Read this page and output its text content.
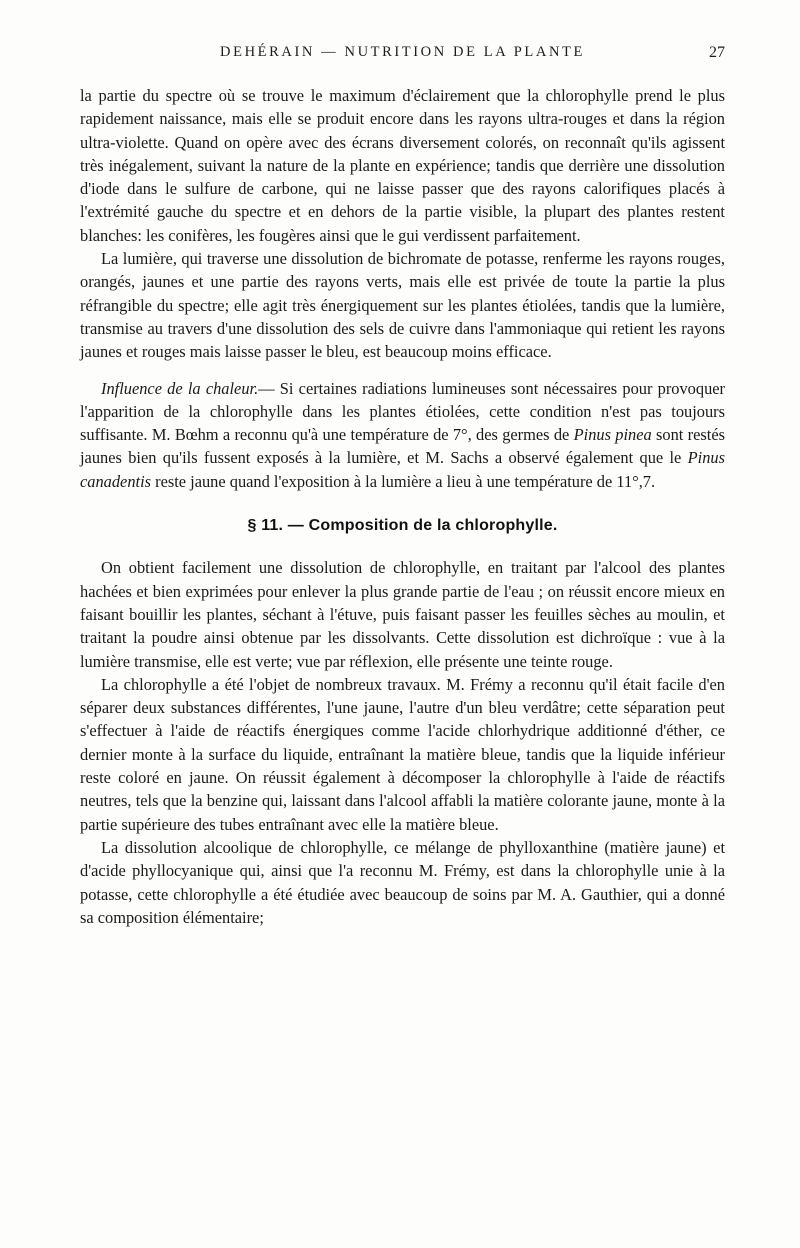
DEHÉRAIN — NUTRITION DE LA PLANTE	27

la partie du spectre où se trouve le maximum d'éclairement que la chlorophylle prend le plus rapidement naissance, mais elle se produit encore dans les rayons ultra-rouges et dans la région ultra-violette. Quand on opère avec des écrans diversement colorés, on reconnaît qu'ils agissent très inégalement, suivant la nature de la plante en expérience; tandis que derrière une dissolution d'iode dans le sulfure de carbone, qui ne laisse passer que des rayons calorifiques placés à l'extrémité gauche du spectre et en dehors de la partie visible, la plupart des plantes restent blanches: les conifères, les fougères ainsi que le gui verdissent parfaitement.

La lumière, qui traverse une dissolution de bichromate de potasse, renferme les rayons rouges, orangés, jaunes et une partie des rayons verts, mais elle est privée de toute la partie la plus réfrangible du spectre; elle agit très énergiquement sur les plantes étiolées, tandis que la lumière, transmise au travers d'une dissolution des sels de cuivre dans l'ammoniaque qui retient les rayons jaunes et rouges mais laisse passer le bleu, est beaucoup moins efficace.

Influence de la chaleur.— Si certaines radiations lumineuses sont nécessaires pour provoquer l'apparition de la chlorophylle dans les plantes étiolées, cette condition n'est pas toujours suffisante. M. Bœhm a reconnu qu'à une température de 7°, des germes de Pinus pinea sont restés jaunes bien qu'ils fussent exposés à la lumière, et M. Sachs a observé également que le Pinus canadentis reste jaune quand l'exposition à la lumière a lieu à une température de 11°,7.

§ 11. — Composition de la chlorophylle.

On obtient facilement une dissolution de chlorophylle, en traitant par l'alcool des plantes hachées et bien exprimées pour enlever la plus grande partie de l'eau ; on réussit encore mieux en faisant bouillir les plantes, séchant à l'étuve, puis faisant passer les feuilles sèches au moulin, et traitant la poudre ainsi obtenue par les dissolvants. Cette dissolution est dichroïque : vue à la lumière transmise, elle est verte; vue par réflexion, elle présente une teinte rouge.

La chlorophylle a été l'objet de nombreux travaux. M. Frémy a reconnu qu'il était facile d'en séparer deux substances différentes, l'une jaune, l'autre d'un bleu verdâtre; cette séparation peut s'effectuer à l'aide de réactifs énergiques comme l'acide chlorhydrique additionné d'éther, ce dernier monte à la surface du liquide, entraînant la matière bleue, tandis que la liquide inférieur reste coloré en jaune. On réussit également à décomposer la chlorophylle à l'aide de réactifs neutres, tels que la benzine qui, laissant dans l'alcool affabli la matière colorante jaune, monte à la partie supérieure des tubes entraînant avec elle la matière bleue.

La dissolution alcoolique de chlorophylle, ce mélange de phylloxanthine (matière jaune) et d'acide phyllocyanique qui, ainsi que l'a reconnu M. Frémy, est dans la chlorophylle unie à la potasse, cette chlorophylle a été étudiée avec beaucoup de soins par M. A. Gauthier, qui a donné sa composition élémentaire;
